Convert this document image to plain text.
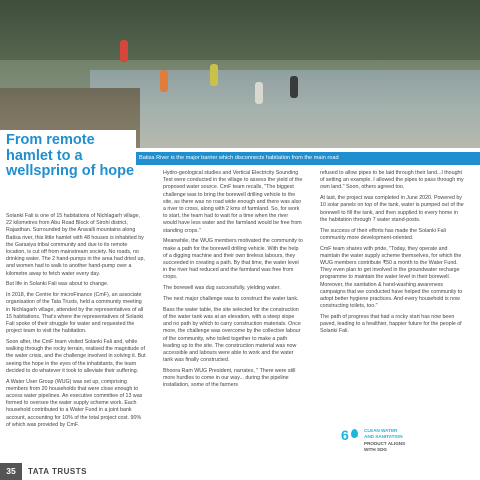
From remote hamlet to a wellspring of hope
Batisa River is the major barrier which disconnects habitation from the main road

Solanki Fali is one of 15 habitations of Nichlagarh village, 22 kilometres from Abu Road Block of Sirohi district, Rajasthan. Surrounded by the Aravalli mountains along Batisa river, this little hamlet with 48 houses is inhabited by the Garasiya tribal community and due to its remote location, is cut off from mainstream society. No roads, no drinking water. The 2 hand-pumps in the area had dried up, and women had to walk to another hand-pump over a kilometre away to fetch water every day.

But life in Solanki Fali was about to change.

In 2018, the Centre for microFinance (CmF), an associate organisation of the Tata Trusts, held a community meeting in Nichlagarh village, attended by the representatives of all 15 habitations. That's where the representatives of Solanki Fali spoke of their struggle for water and requested the project team to visit the habitation.

Soon after, the CmF team visited Solanki Fali and, while walking through the rocky terrain, realised the magnitude of the water crisis, and the challenge involved in solving it. But seeing the hope in the eyes of the inhabitants, the team decided to do whatever it took to alleviate their suffering.

A Water User Group (WUG) was set up, comprising members from 20 households that were close enough to access water pipelines. An executive committee of 13 was formed to oversee the water supply scheme work. Each household contributed to a Water Fund in a joint bank account, accounting for 10% of the total project cost. 90% of which was provided by CmF.

Hydro-geological studies and Vertical Electricity Sounding Test were conducted in the village to assess the yield of the proposed water source. CmF team recalls, "The biggest challenge was to bring the borewell drilling vehicle to the site, as there was no road wide enough and there was also a river to cross, along with 2 kms of farmland. So, for work to start, the team had to wait for a time when the river would have less water and the farmland would be free from standing crops."

Meanwhile, the WUG members motivated the community to make a path for the borewell drilling vehicle. With the help of a digging machine and their own tireless labours, they succeeded in creating a path. By that time, the water level in the river had reduced and the farmland was free from crops.

The borewell was dug successfully, yielding water.

The next major challenge was to construct the water tank.

Bass the water table, the site selected for the construction of the water tank was at an elevation, with a steep slope and no path by which to carry construction materials. Once more, the challenge was overcome by the collective labour of the community, who toiled together to make a path leading up to the site. The construction material was now accessible and labours were able to work and the water tank was finally constructed.

Bhoora Ram WUG President, narrates, " There were still more hurdles to come in our way... during the pipeline installation, some of the farmers

refused to allow pipes to be laid through their land...I thought of setting an example. I allowed the pipes to pass through my own land." Soon, others agreed too.

At last, the project was completed in June 2020. Powered by 10 solar panels on top of the tank, water is pumped out of the borewell to fill the tank, and then supplied to every home in the habitation through 7 water stand-posts.

The success of their efforts has made the Solanki Fali community more development-oriented.

CmF team shares with pride, "Today, they operate and maintain the water supply scheme themselves, for which the WUG members contribute ₹50 a month to the Water Fund. They even plan to get involved in the groundwater recharge programme to maintain the water level in their borewell. Moreover, the sanitation & hand-washing awareness campaigns that we conducted have helped the community to adopt better hygiene practices. And every household is now constructing toilets, too."

The path of progress that had a rocky start has now been paved, leading to a healthier, happier future for the people of Solanki Fali.

6	CLEAN WATER
AND SANITATION
PRODUCT ALIGNS
WITH SDG
35	TATA TRUSTS
